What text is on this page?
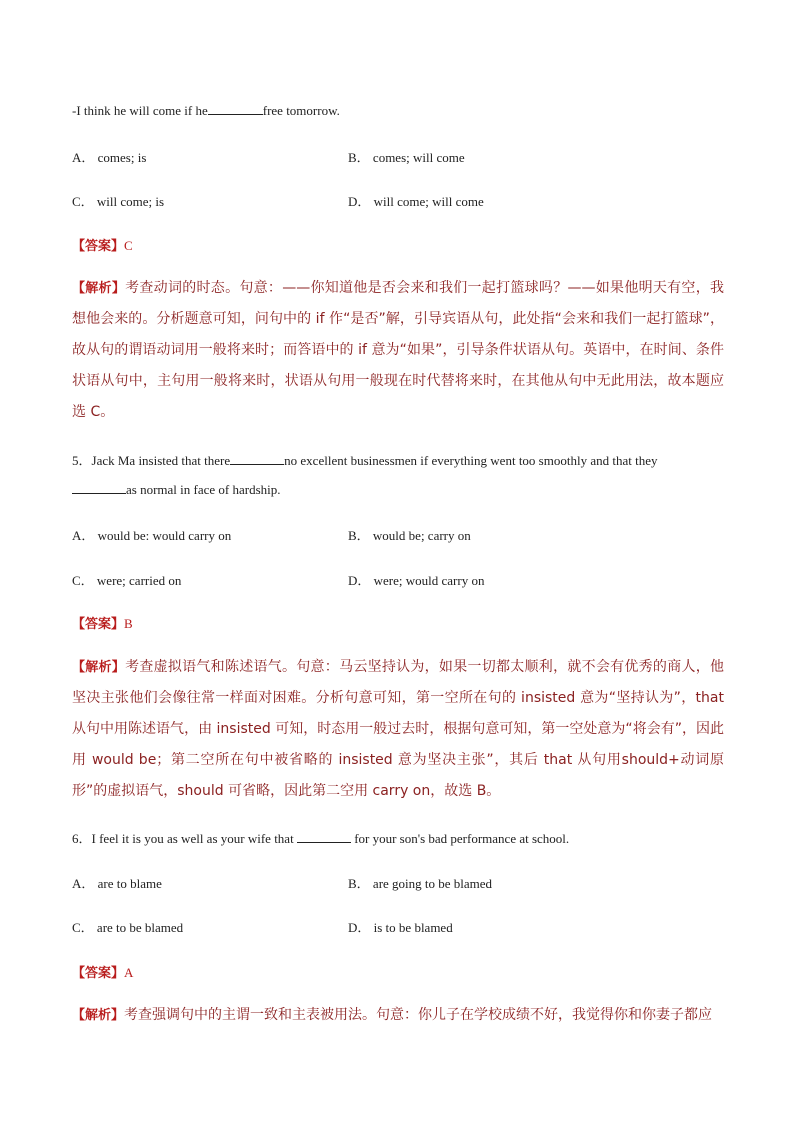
-I think he will come if he	free tomorrow.
A． comes; is	B． comes; will come
C． will come; is	D． will come; will come
【答案】C
【解析】考查动词的时态。句意：——你知道他是否会来和我们一起打篮球吗？——如果他明天有空，我想他会来的。分析题意可知，问句中的 if 作“是否”解，引导宾语从句，此处指“会来和我们一起打篮球”，故从句的谓语动词用一般将来时；而答语中的 if 意为“如果”，引导条件状语从句。英语中，在时间、条件状语从句中，主句用一般将来时，状语从句用一般现在时代替将来时，在其他从句中无此用法，故本题应选 C。
5．Jack Ma insisted that there	no excellent businessmen if everything went too smoothly and that they
as normal in face of hardship.
A． would be: would carry on	B． would be; carry on
C． were; carried on	D． were; would carry on
【答案】B
【解析】考查虚拟语气和陈述语气。句意：马云坚持认为，如果一切都太顺利，就不会有优秀的商人，他坚决主张他们会像往常一样面对困难。分析句意可知，第一空所在句的 insisted 意为“坚持认为”，that 从句中用陈述语气，由 insisted 可知，时态用一般过去时，根据句意可知，第一空处意为“将会有”，因此用 would be；第二空所在句中被省略的 insisted 意为坚决主张”，其后 that 从句用should+动词原形”的虚拟语气，should 可省略，因此第二空用 carry on，故选 B。
6．I feel it is you as well as your wife that	for your son's bad performance at school.
A． are to blame	B． are going to be blamed
C． are to be blamed	D． is to be blamed
【答案】A
【解析】考查强调句中的主谓一致和主表被用法。句意：你儿子在学校成绩不好，我觉得你和你妻子都应
